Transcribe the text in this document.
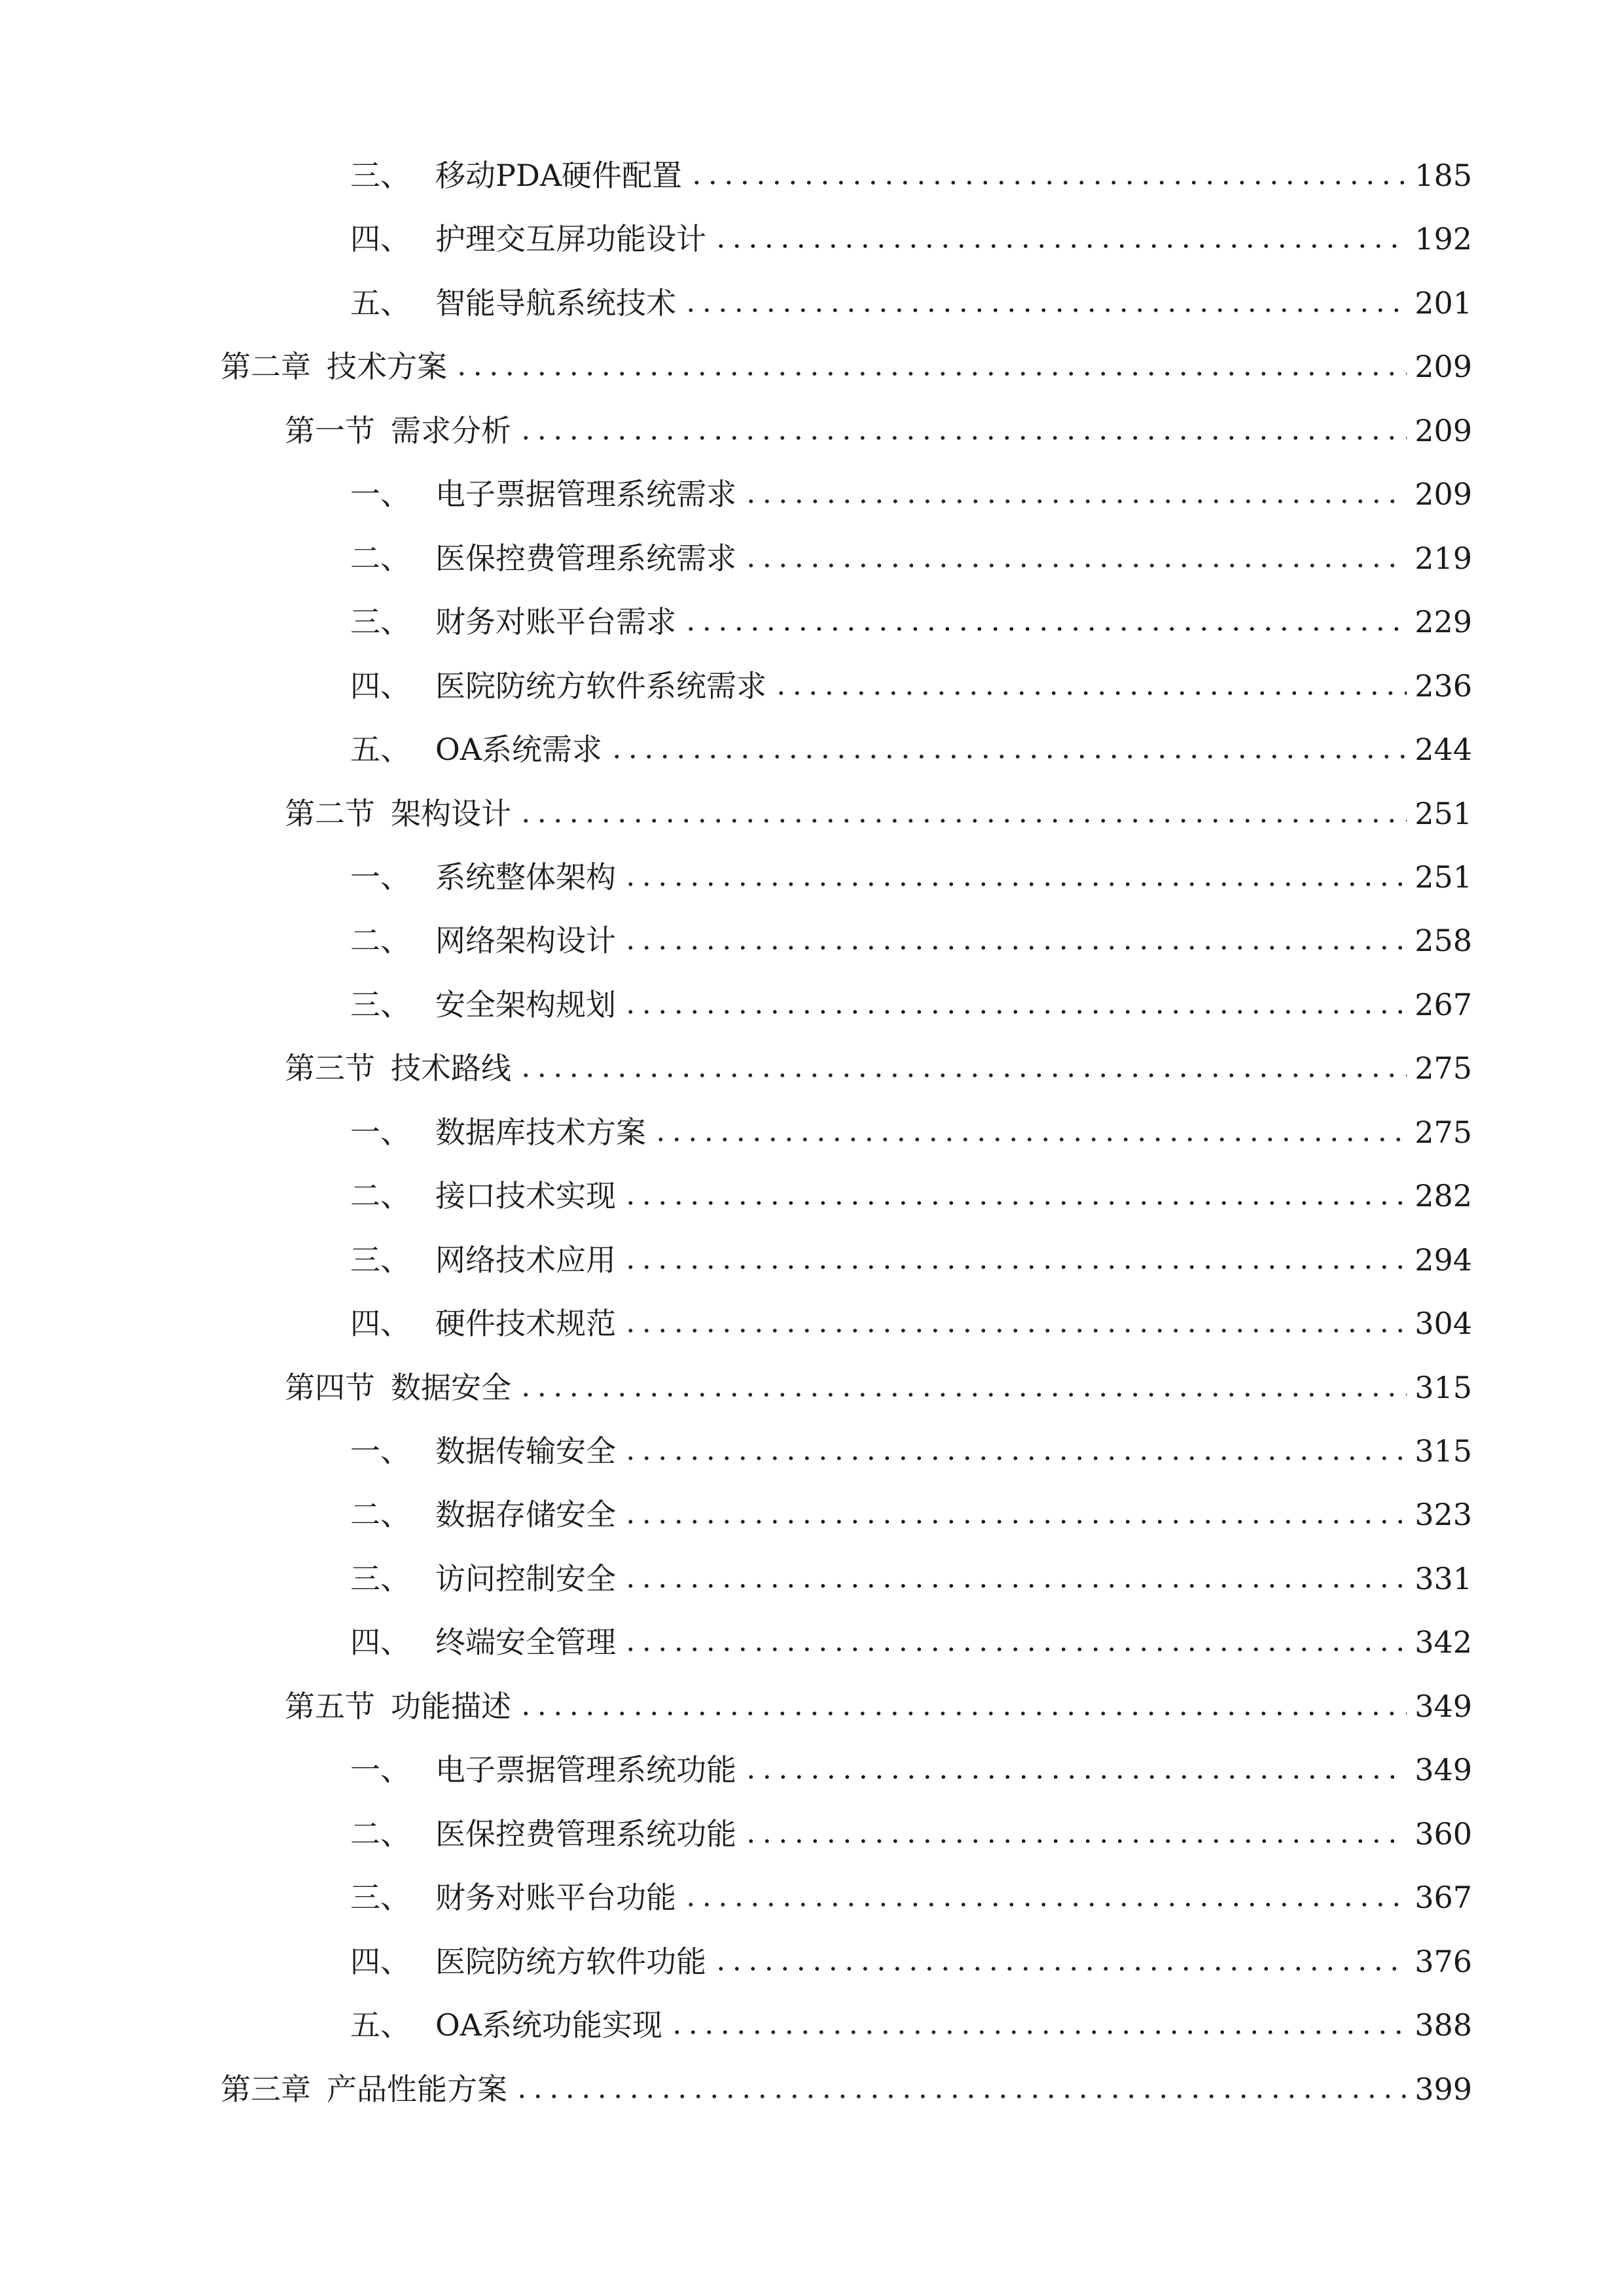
三、 移动PDA硬件配置	185
四、 护理交互屏功能设计	192
五、 智能导航系统技术	201
第二章 技术方案	209
第一节 需求分析	209
一、 电子票据管理系统需求	209
二、 医保控费管理系统需求	219
三、 财务对账平台需求	229
四、 医院防统方软件系统需求	236
五、 OA系统需求	244
第二节 架构设计	251
一、 系统整体架构	251
二、 网络架构设计	258
三、 安全架构规划	267
第三节 技术路线	275
一、 数据库技术方案	275
二、 接口技术实现	282
三、 网络技术应用	294
四、 硬件技术规范	304
第四节 数据安全	315
一、 数据传输安全	315
二、 数据存储安全	323
三、 访问控制安全	331
四、 终端安全管理	342
第五节 功能描述	349
一、 电子票据管理系统功能	349
二、 医保控费管理系统功能	360
三、 财务对账平台功能	367
四、 医院防统方软件功能	376
五、 OA系统功能实现	388
第三章 产品性能方案	399
